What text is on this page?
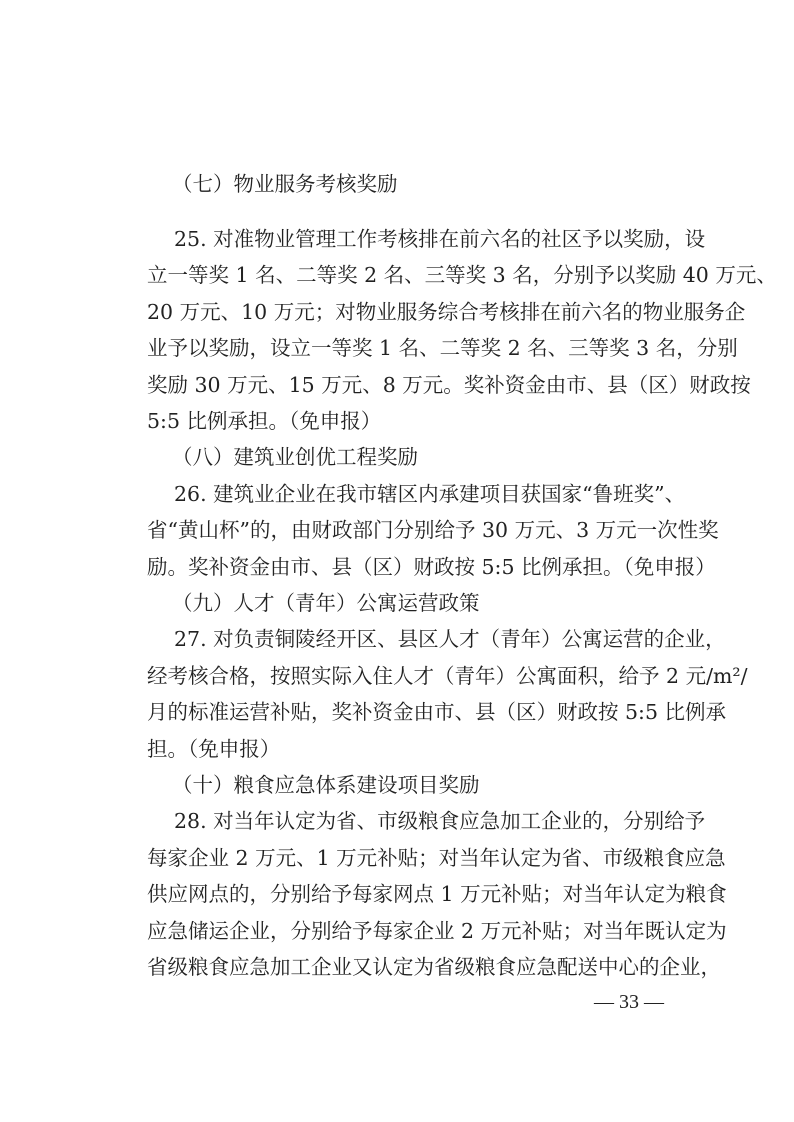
（七）物业服务考核奖励
25. 对准物业管理工作考核排在前六名的社区予以奖励，设
立一等奖 1 名、二等奖 2 名、三等奖 3 名，分别予以奖励 40 万元、
20 万元、10 万元；对物业服务综合考核排在前六名的物业服务企
业予以奖励，设立一等奖 1 名、二等奖 2 名、三等奖 3 名，分别
奖励 30 万元、15 万元、8 万元。奖补资金由市、县（区）财政按
5:5 比例承担。（免申报）
（八）建筑业创优工程奖励
26. 建筑业企业在我市辖区内承建项目获国家“鲁班奖”、
省“黄山杯”的，由财政部门分别给予 30 万元、3 万元一次性奖
励。奖补资金由市、县（区）财政按 5:5 比例承担。（免申报）
（九）人才（青年）公寓运营政策
27. 对负责铜陵经开区、县区人才（青年）公寓运营的企业，
经考核合格，按照实际入住人才（青年）公寓面积，给予 2 元/m²/
月的标准运营补贴，奖补资金由市、县（区）财政按 5:5 比例承
担。（免申报）
（十）粮食应急体系建设项目奖励
28. 对当年认定为省、市级粮食应急加工企业的，分别给予
每家企业 2 万元、1 万元补贴；对当年认定为省、市级粮食应急
供应网点的，分别给予每家网点 1 万元补贴；对当年认定为粮食
应急储运企业，分别给予每家企业 2 万元补贴；对当年既认定为
省级粮食应急加工企业又认定为省级粮食应急配送中心的企业，
— 33 —
